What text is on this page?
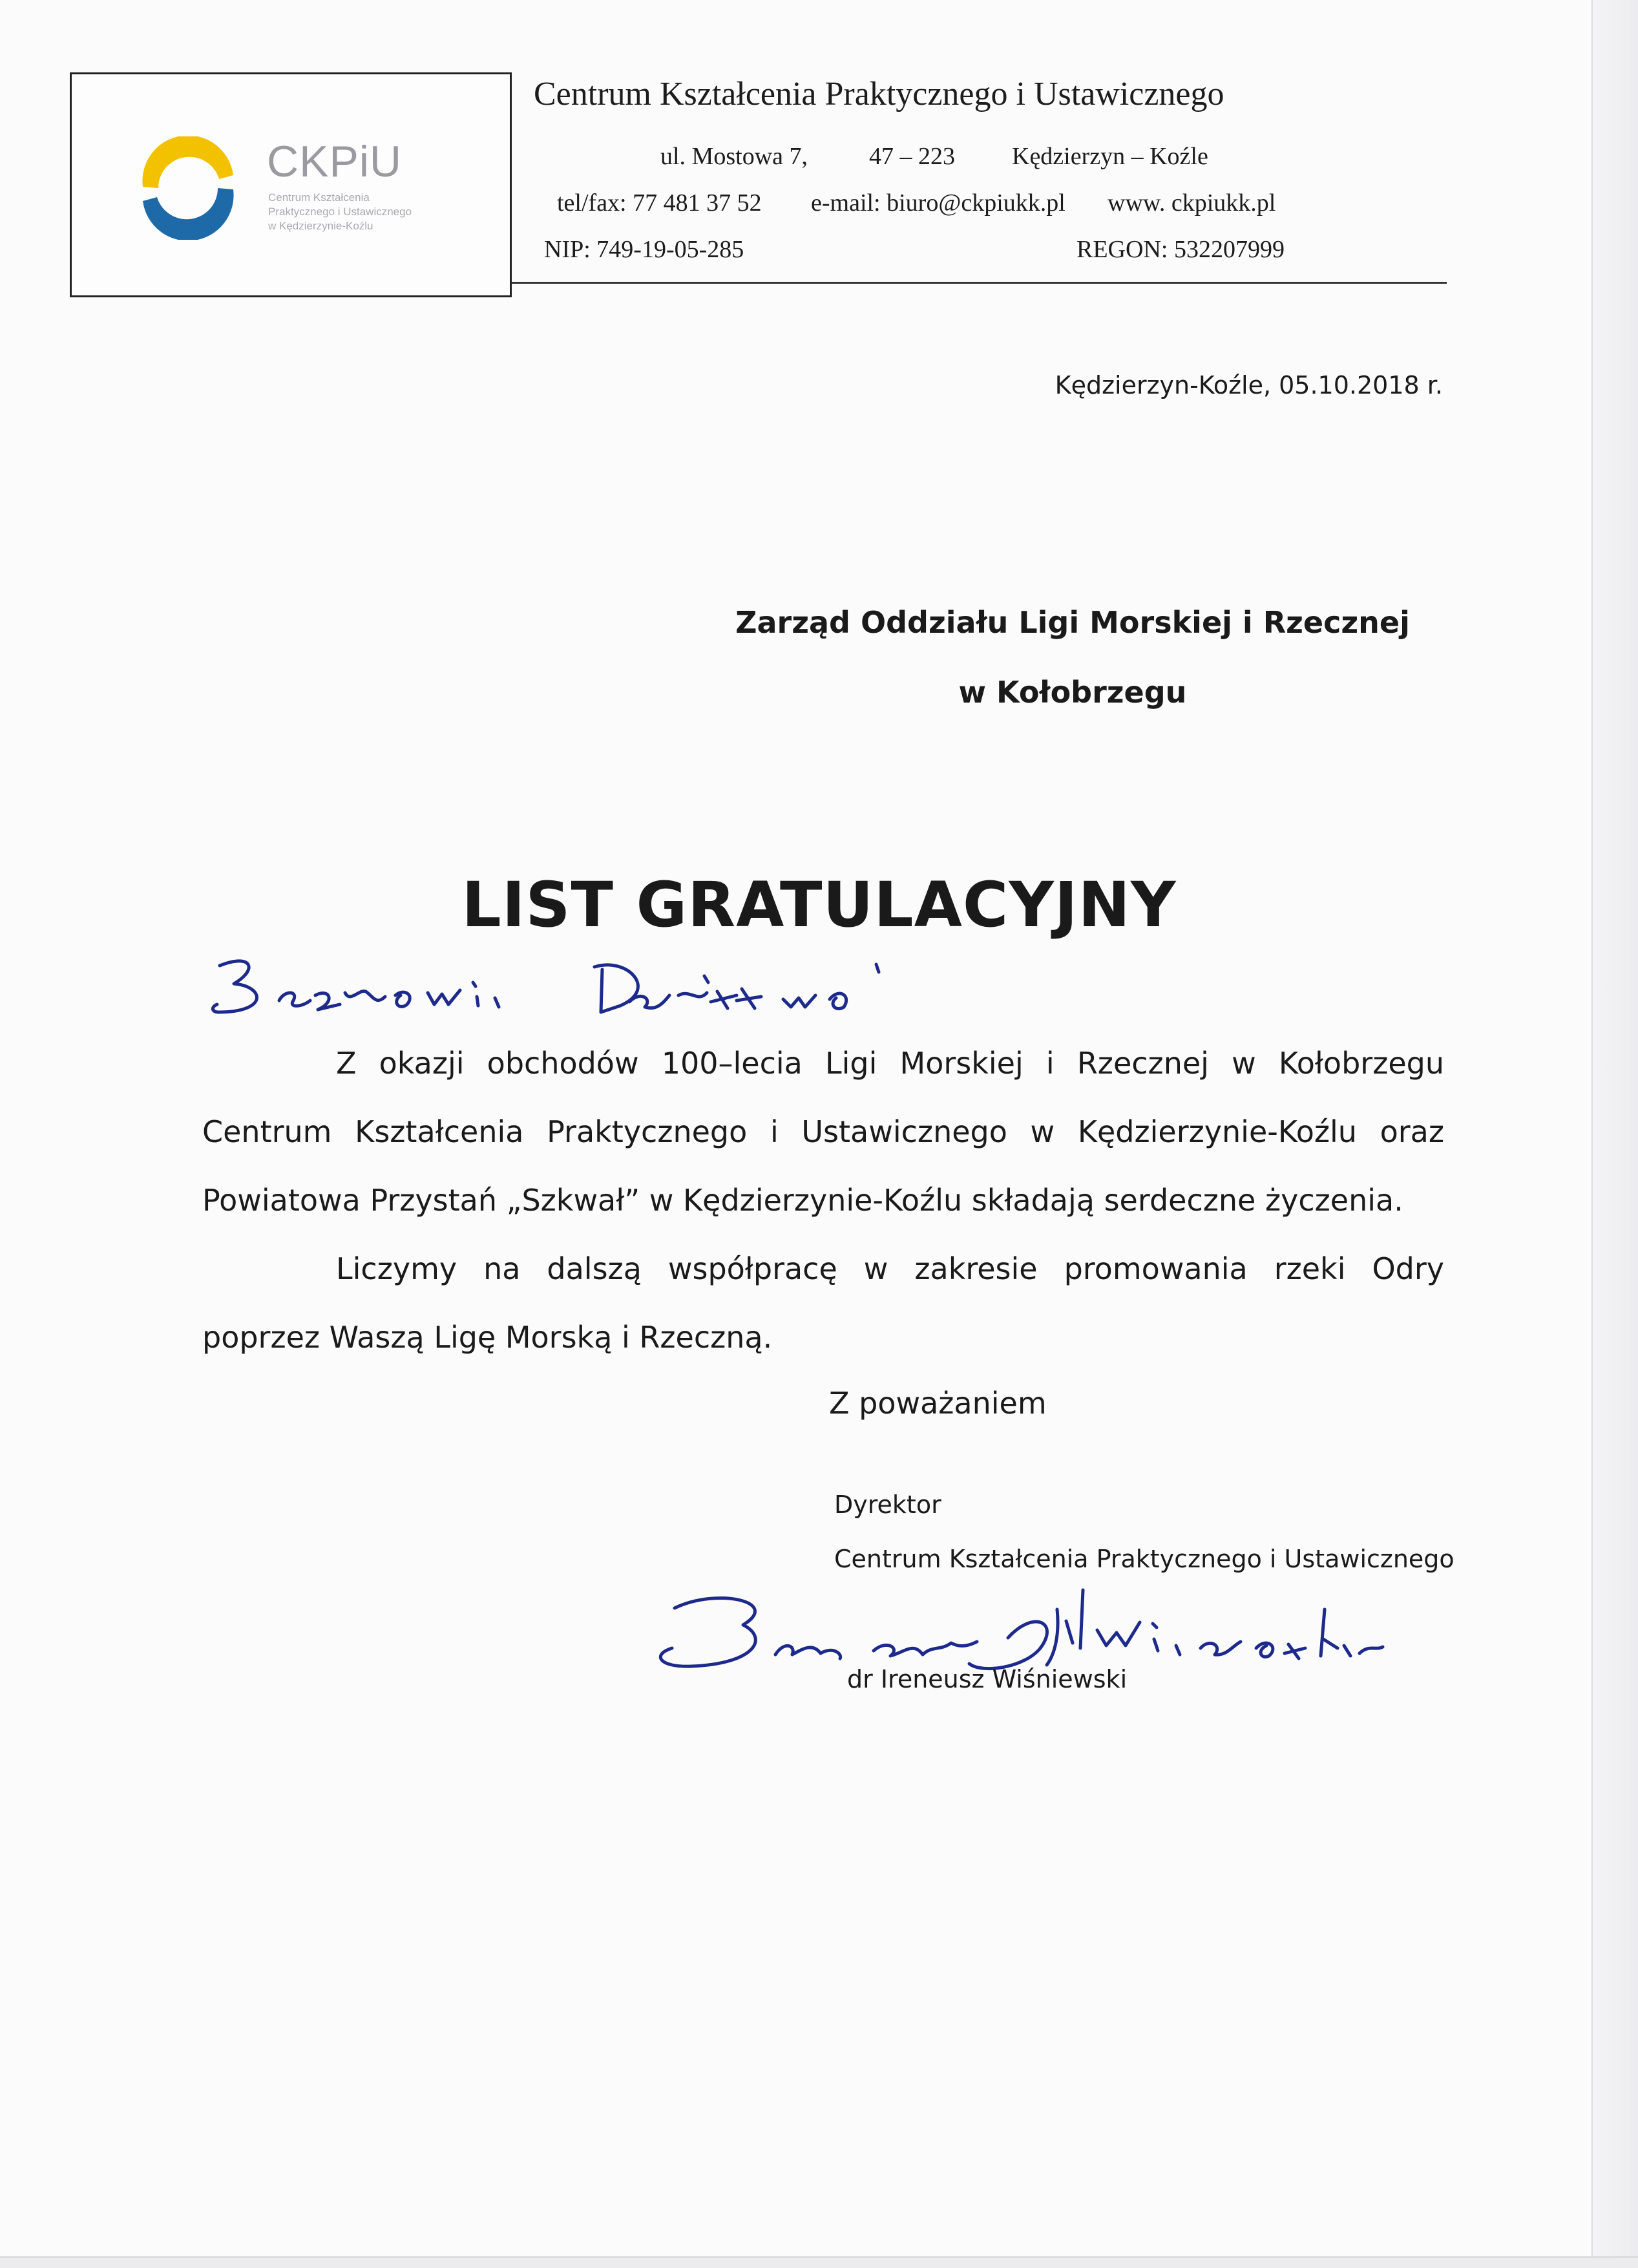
CKPiU
Centrum Kształcenia
Praktycznego i Ustawicznego
w Kędzierzynie-Koźlu
Centrum Kształcenia Praktycznego i Ustawicznego
ul. Mostowa 7,	47 – 223 Kędzierzyn – Koźle
tel/fax: 77 481 37 52 e-mail: biuro@ckpiukk.pl www. ckpiukk.pl
NIP: 749-19-05-285	REGON: 532207999
Kędzierzyn-Koźle, 05.10.2018 r.
Zarząd Oddziału Ligi Morskiej i Rzecznej
w Kołobrzegu
LIST GRATULACYJNY
Z okazji obchodów 100–lecia Ligi Morskiej i Rzecznej w Kołobrzegu
Centrum Kształcenia Praktycznego i Ustawicznego w Kędzierzynie-Koźlu oraz
Powiatowa Przystań „Szkwał” w Kędzierzynie-Koźlu składają serdeczne życzenia.
Liczymy na dalszą współpracę w zakresie promowania rzeki Odry
poprzez Waszą Ligę Morską i Rzeczną.
Z poważaniem
Dyrektor
Centrum Kształcenia Praktycznego i Ustawicznego
dr Ireneusz Wiśniewski
